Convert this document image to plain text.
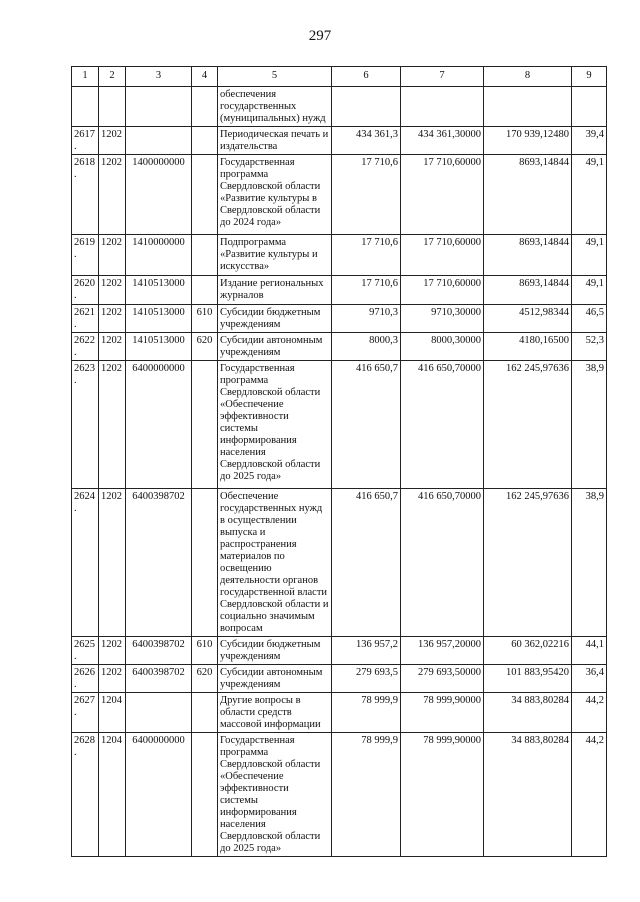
297
1	2	3	4	5	6	7	8	9
				обеспечения государственных (муниципальных) нужд				
2617.	1202			Периодическая печать и издательства	434 361,3	434 361,30000	170 939,12480	39,4
2618.	1202	1400000000		Государственная программа Свердловской области «Развитие культуры в Свердловской области до 2024 года»	17 710,6	17 710,60000	8693,14844	49,1
2619.	1202	1410000000		Подпрограмма «Развитие культуры и искусства»	17 710,6	17 710,60000	8693,14844	49,1
2620.	1202	1410513000		Издание региональных журналов	17 710,6	17 710,60000	8693,14844	49,1
2621.	1202	1410513000	610	Субсидии бюджетным учреждениям	9710,3	9710,30000	4512,98344	46,5
2622.	1202	1410513000	620	Субсидии автономным учреждениям	8000,3	8000,30000	4180,16500	52,3
2623.	1202	6400000000		Государственная программа Свердловской области «Обеспечение эффективности системы информирования населения Свердловской области до 2025 года»	416 650,7	416 650,70000	162 245,97636	38,9
2624.	1202	6400398702		Обеспечение государственных нужд в осуществлении выпуска и распространения материалов по освещению деятельности органов государственной власти Свердловской области и социально значимым вопросам	416 650,7	416 650,70000	162 245,97636	38,9
2625.	1202	6400398702	610	Субсидии бюджетным учреждениям	136 957,2	136 957,20000	60 362,02216	44,1
2626.	1202	6400398702	620	Субсидии автономным учреждениям	279 693,5	279 693,50000	101 883,95420	36,4
2627.	1204			Другие вопросы в области средств массовой информации	78 999,9	78 999,90000	34 883,80284	44,2
2628.	1204	6400000000		Государственная программа Свердловской области «Обеспечение эффективности системы информирования населения Свердловской области до 2025 года»	78 999,9	78 999,90000	34 883,80284	44,2
